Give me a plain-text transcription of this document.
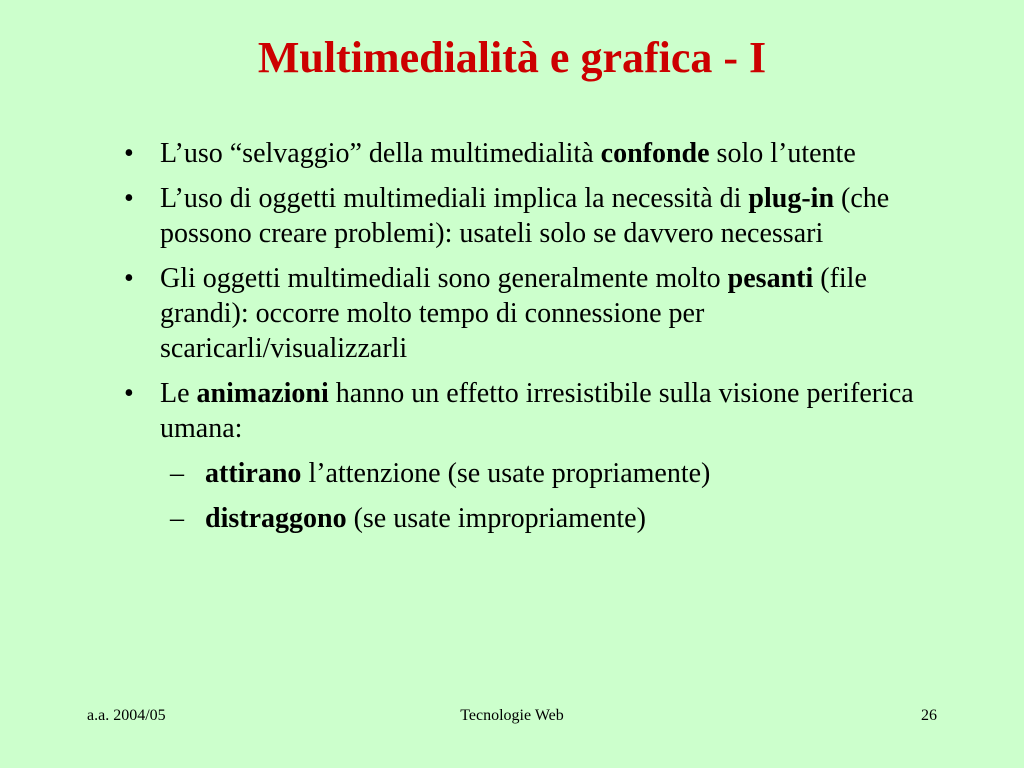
Multimedialità e grafica - I
• L’uso “selvaggio” della multimedialità confonde solo l’utente
• L’uso di oggetti multimediali implica la necessità di plug-in (che possono creare problemi): usateli solo se davvero necessari
• Gli oggetti multimediali sono generalmente molto pesanti (file grandi): occorre molto tempo di connessione per scaricarli/visualizzarli
• Le animazioni hanno un effetto irresistibile sulla visione periferica umana:
– attirano l’attenzione (se usate propriamente)
– distraggono (se usate impropriamente)
a.a. 2004/05	Tecnologie Web	26
